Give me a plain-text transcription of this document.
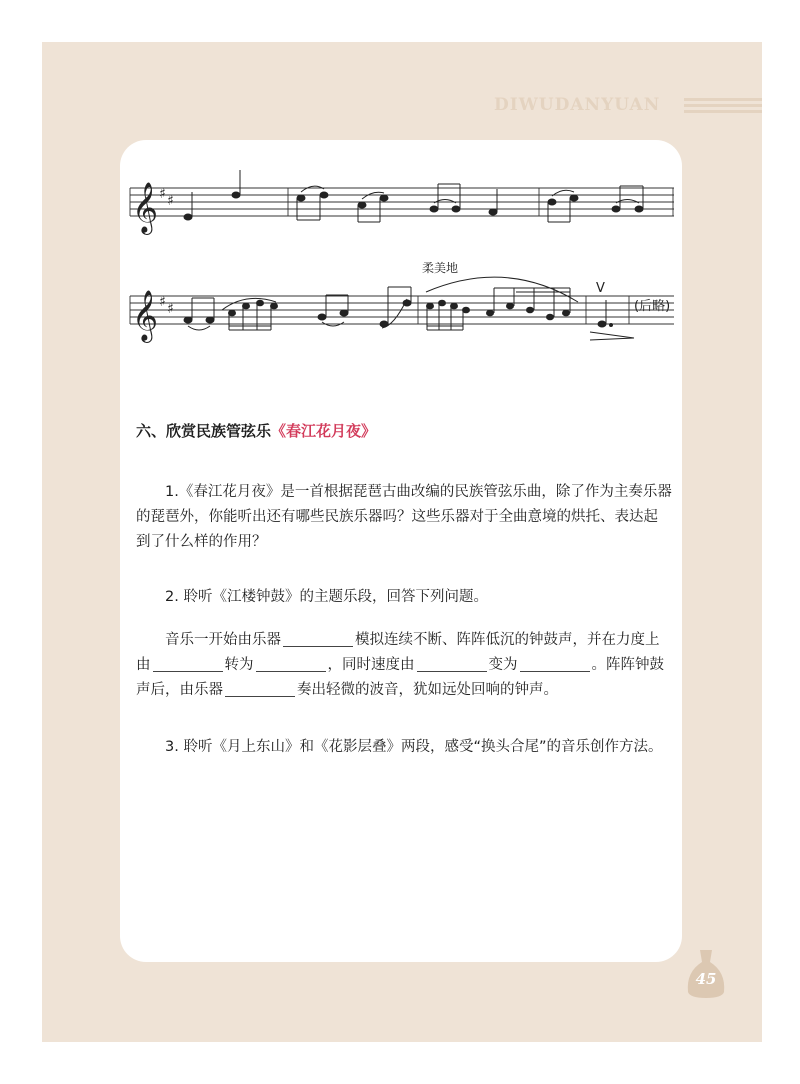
DIWUDANYUAN
𝄞 ♯ ♯
𝄞 ♯ ♯
柔美地
V
(后略)
六、欣赏民族管弦乐《春江花月夜》
1.《春江花月夜》是一首根据琵琶古曲改编的民族管弦乐曲，除了作为主奏乐器的琵琶外，你能听出还有哪些民族乐器吗？这些乐器对于全曲意境的烘托、表达起到了什么样的作用？
2. 聆听《江楼钟鼓》的主题乐段，回答下列问题。
音乐一开始由乐器	模拟连续不断、阵阵低沉的钟鼓声，并在力度上由	转为	，同时速度由	变为	。阵阵钟鼓声后，由乐器	奏出轻微的波音，犹如远处回响的钟声。
3. 聆听《月上东山》和《花影层叠》两段，感受“换头合尾”的音乐创作方法。
45
